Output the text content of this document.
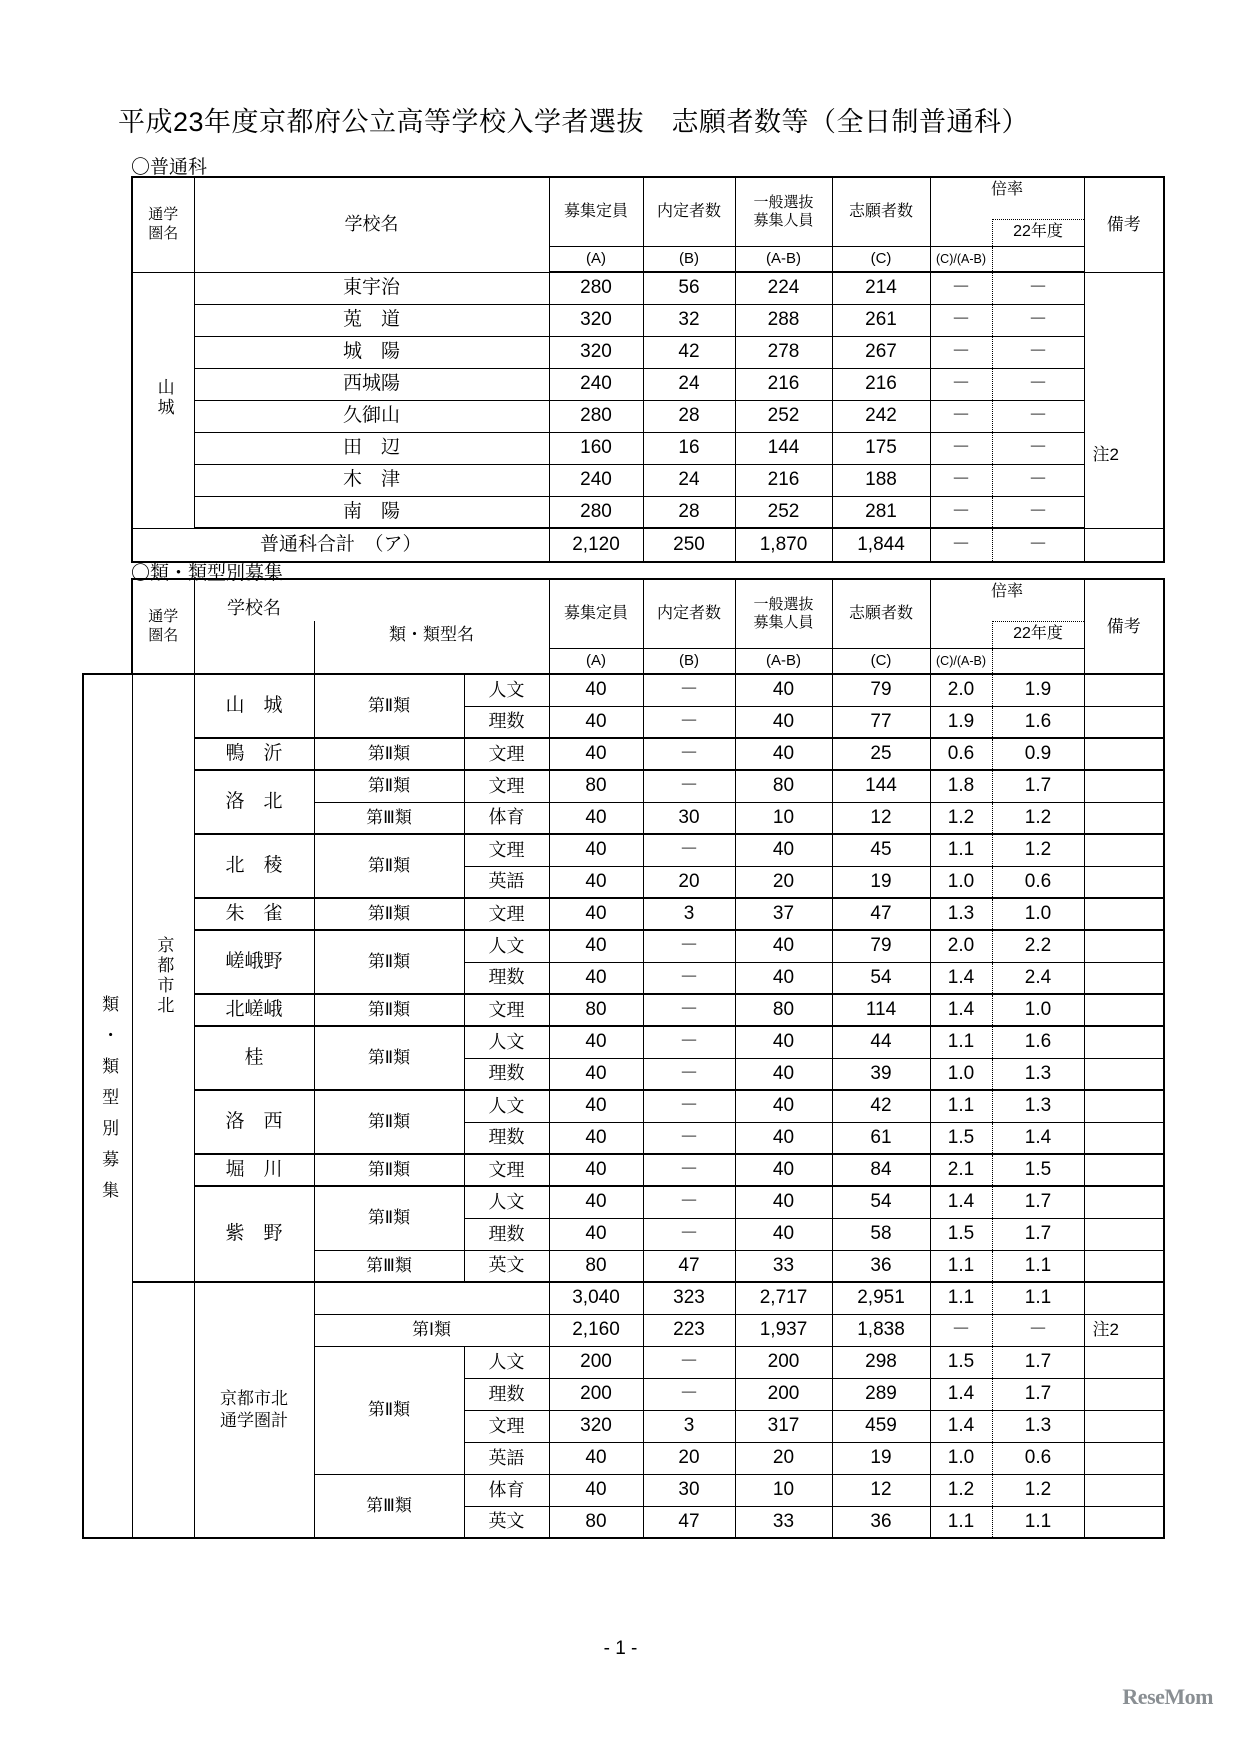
平成23年度京都府公立高等学校入学者選抜　志願者数等（全日制普通科）
〇普通科
通学
圏名	学校名	募集定員	内定者数	一般選抜
募集人員
	志願者数	倍率	備考
							22年度	
		(A)	(B)	(A-B)	(C)	(C)/(A-B)		
山城	東宇治	280	56	224	214	－	－	注2

	莵　道	320	32	288	261	－	－	
	城　陽	320	42	278	267	－	－	
	西城陽	240	24	216	216	－	－	
	久御山	280	28	252	242	－	－	
	田　辺	160	16	144	175	－	－	
	木　津	240	24	216	188	－	－	
	南　陽	280	28	252	281	－	－	
普通科合計　（ア）		2,120	250	1,870	1,844	－	－	
〇類・類型別募集
通学
圏名
	学校名		募集定員	内定者数	一般選抜
募集人員
	志願者数	倍率	備考
		類・類型名						22年度	
			(A)	(B)	(A-B)	(C)	(C)/(A-B)		
類・類型別募集	京都市北	山　城	第Ⅱ類	人文	40	－	40	79	2.0	1.9	
				理数	40	－	40	77	1.9	1.6	
		鴨　沂	第Ⅱ類	文理	40	－	40	25	0.6	0.9	
		洛　北	第Ⅱ類	文理	80	－	80	144	1.8	1.7	
			第Ⅲ類	体育	40	30	10	12	1.2	1.2	
		北　稜	第Ⅱ類	文理	40	－	40	45	1.1	1.2	
				英語	40	20	20	19	1.0	0.6	
		朱　雀	第Ⅱ類	文理	40	3	37	47	1.3	1.0	
		嵯峨野	第Ⅱ類	人文	40	－	40	79	2.0	2.2	
				理数	40	－	40	54	1.4	2.4	
		北嵯峨	第Ⅱ類	文理	80	－	80	114	1.4	1.0	
		桂	第Ⅱ類	人文	40	－	40	44	1.1	1.6	
				理数	40	－	40	39	1.0	1.3	
		洛　西	第Ⅱ類	人文	40	－	40	42	1.1	1.3	
				理数	40	－	40	61	1.5	1.4	
		堀　川	第Ⅱ類	文理	40	－	40	84	2.1	1.5	
		紫　野	第Ⅱ類	人文	40	－	40	54	1.4	1.7	
				理数	40	－	40	58	1.5	1.7	
			第Ⅲ類	英文	80	47	33	36	1.1	1.1	

		京都市北
通学圏計			3,040	323	2,717	2,951	1.1	1.1	
			第Ⅰ類		2,160	223	1,937	1,838	－	－	注2
			第Ⅱ類	人文	200	－	200	298	1.5	1.7	
				理数	200	－	200	289	1.4	1.7	
				文理	320	3	317	459	1.4	1.3	
				英語	40	20	20	19	1.0	0.6	
			第Ⅲ類	体育	40	30	10	12	1.2	1.2	
				英文	80	47	33	36	1.1	1.1	
- 1 -
ReseMom
